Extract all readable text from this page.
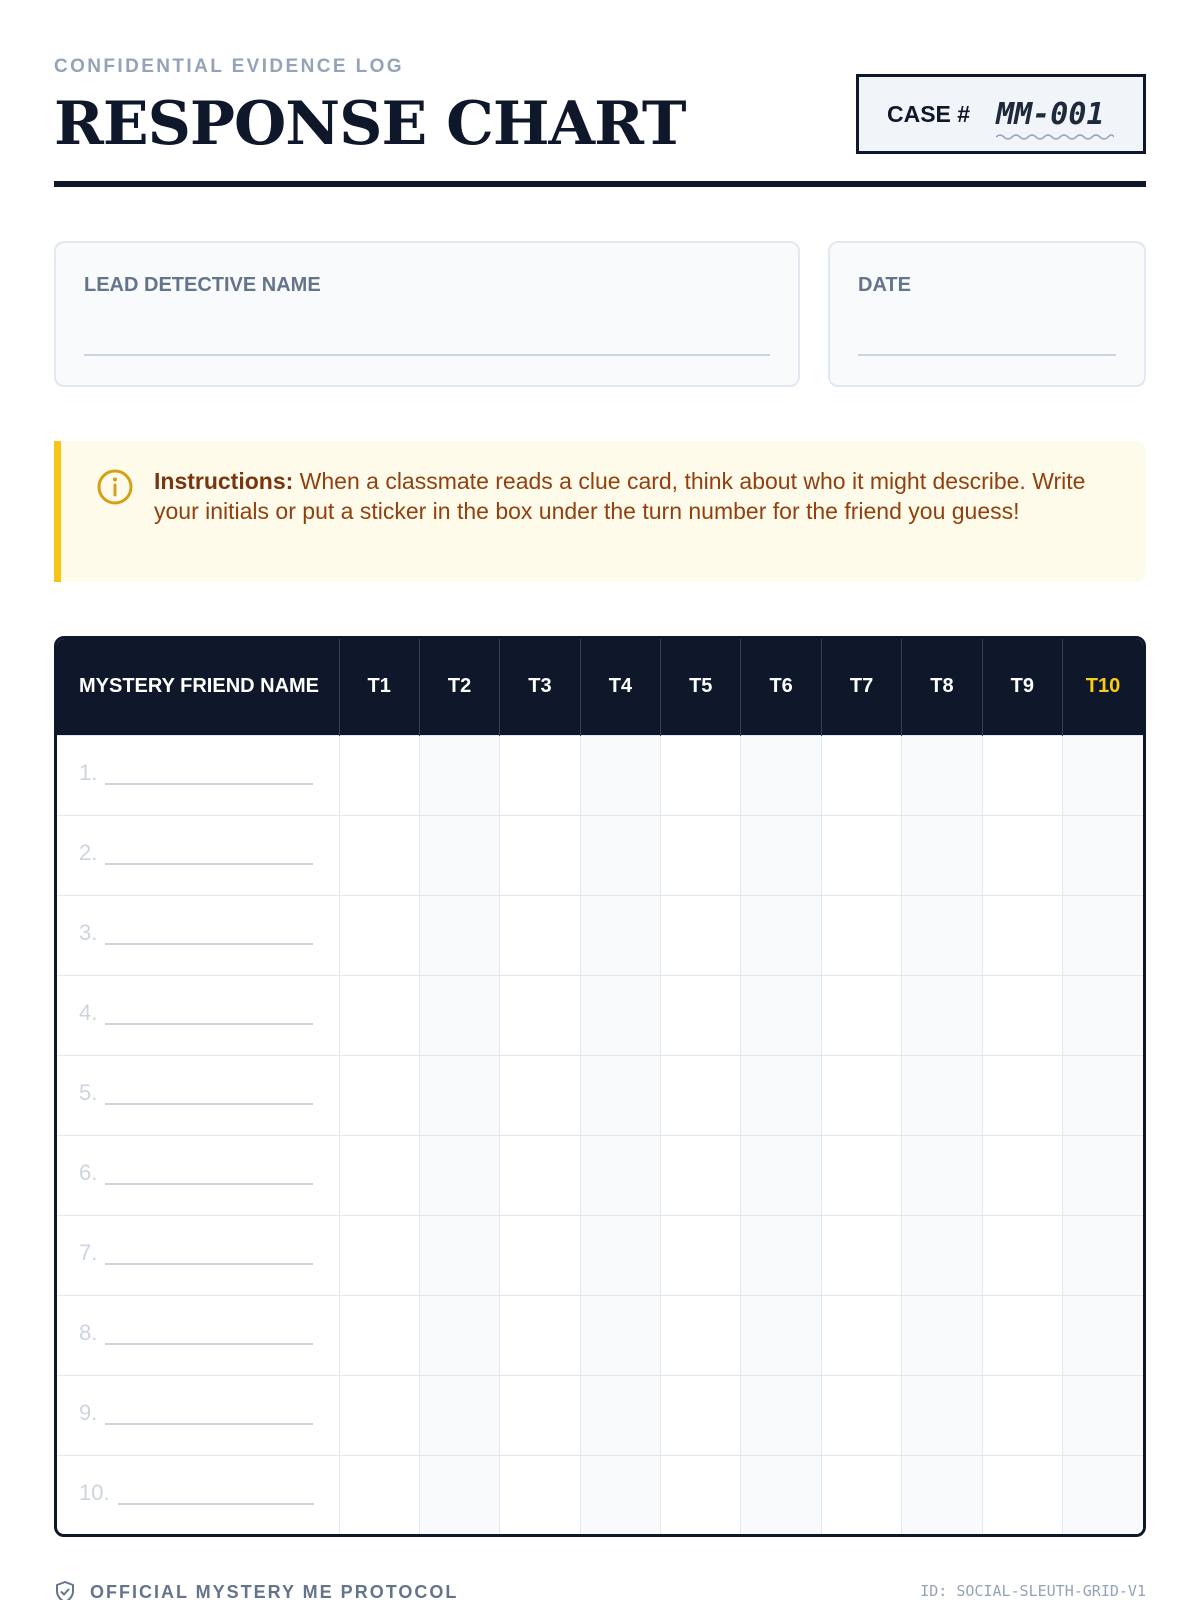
CONFIDENTIAL EVIDENCE LOG
RESPONSE CHART	CASE # MM-001
LEAD DETECTIVE NAME	DATE

Instructions: When a classmate reads a clue card, think about who it might describe. Write your initials or put a sticker in the box under the turn number for the friend you guess!

MYSTERY FRIEND NAME	T1	T2	T3	T4	T5	T6	T7	T8	T9	T10

1.										

2.										

3.										

4.										

5.										

6.										

7.										

8.										

9.										

10.										

OFFICIAL MYSTERY ME PROTOCOL	ID: SOCIAL-SLEUTH-GRID-V1
